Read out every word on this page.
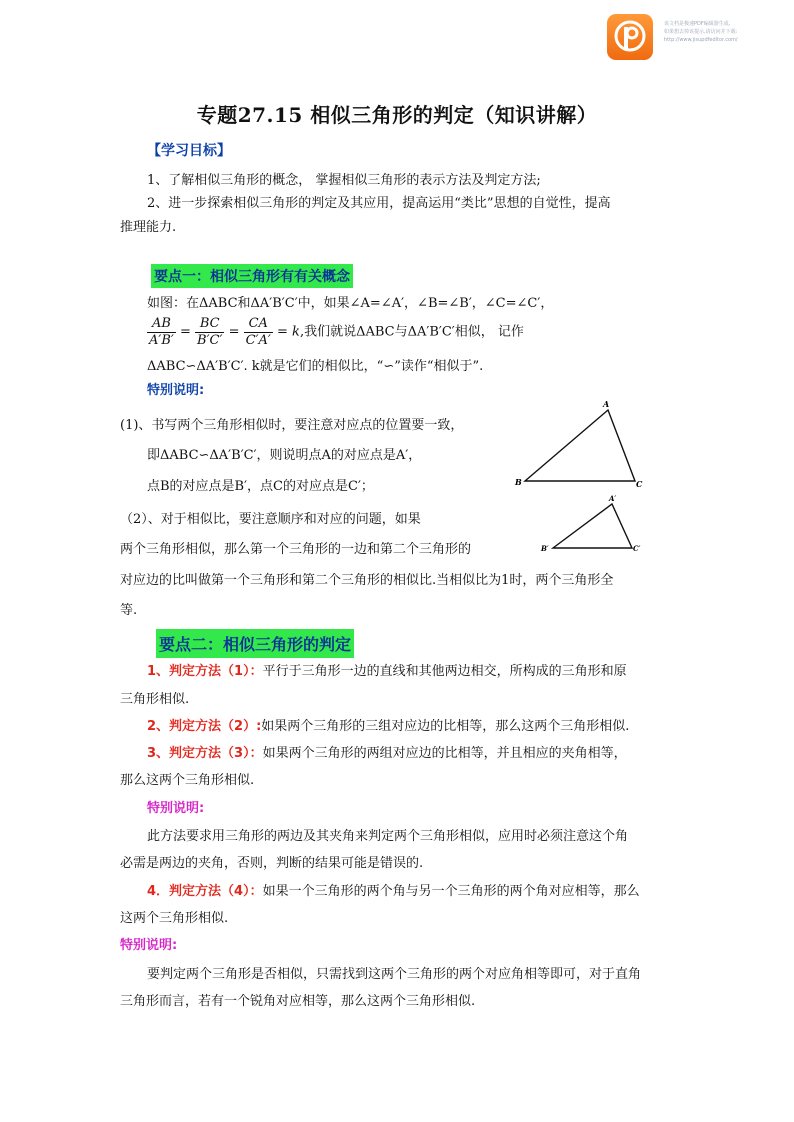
该文档是极速PDF编辑器生成,
如果想去掉该提示,请访问并下载:
http://www.jisupdfeditor.com/
专题27.15 相似三角形的判定（知识讲解）
【学习目标】
1、了解相似三角形的概念， 掌握相似三角形的表示方法及判定方法;
2、进一步探索相似三角形的判定及其应用，提高运用“类比”思想的自觉性，提高
推理能力.
要点一：相似三角形有有关概念
如图：在ΔABC和ΔA′B′C′中，如果∠A=∠A′，∠B=∠B′，∠C=∠C′，
$\frac{AB}{A'B'} = \frac{BC}{B'C'} = \frac{CA}{C'A'} = k$,我们就说ΔABC与ΔA′B′C′相似， 记作
ΔABC∽ΔA′B′C′. k就是它们的相似比，“∽”读作“相似于”.
特别说明:
(1)、书写两个三角形相似时，要注意对应点的位置要一致，
即ΔABC∽ΔA′B′C′，则说明点A的对应点是A′，
点B的对应点是B′，点C的对应点是C′；
（2）、对于相似比，要注意顺序和对应的问题，如果
两个三角形相似，那么第一个三角形的一边和第二个三角形的
对应边的比叫做第一个三角形和第二个三角形的相似比.当相似比为1时，两个三角形全
等.
A
B	C
A′
B′	C′
要点二：相似三角形的判定
1、判定方法（1）：平行于三角形一边的直线和其他两边相交，所构成的三角形和原
三角形相似.
2、判定方法（2）:如果两个三角形的三组对应边的比相等，那么这两个三角形相似.
3、判定方法（3）：如果两个三角形的两组对应边的比相等，并且相应的夹角相等，
那么这两个三角形相似.
特别说明:
此方法要求用三角形的两边及其夹角来判定两个三角形相似，应用时必须注意这个角
必需是两边的夹角，否则，判断的结果可能是错误的.
4．判定方法（4）：如果一个三角形的两个角与另一个三角形的两个角对应相等，那么
这两个三角形相似.
特别说明:
要判定两个三角形是否相似，只需找到这两个三角形的两个对应角相等即可，对于直角
三角形而言，若有一个锐角对应相等，那么这两个三角形相似.
